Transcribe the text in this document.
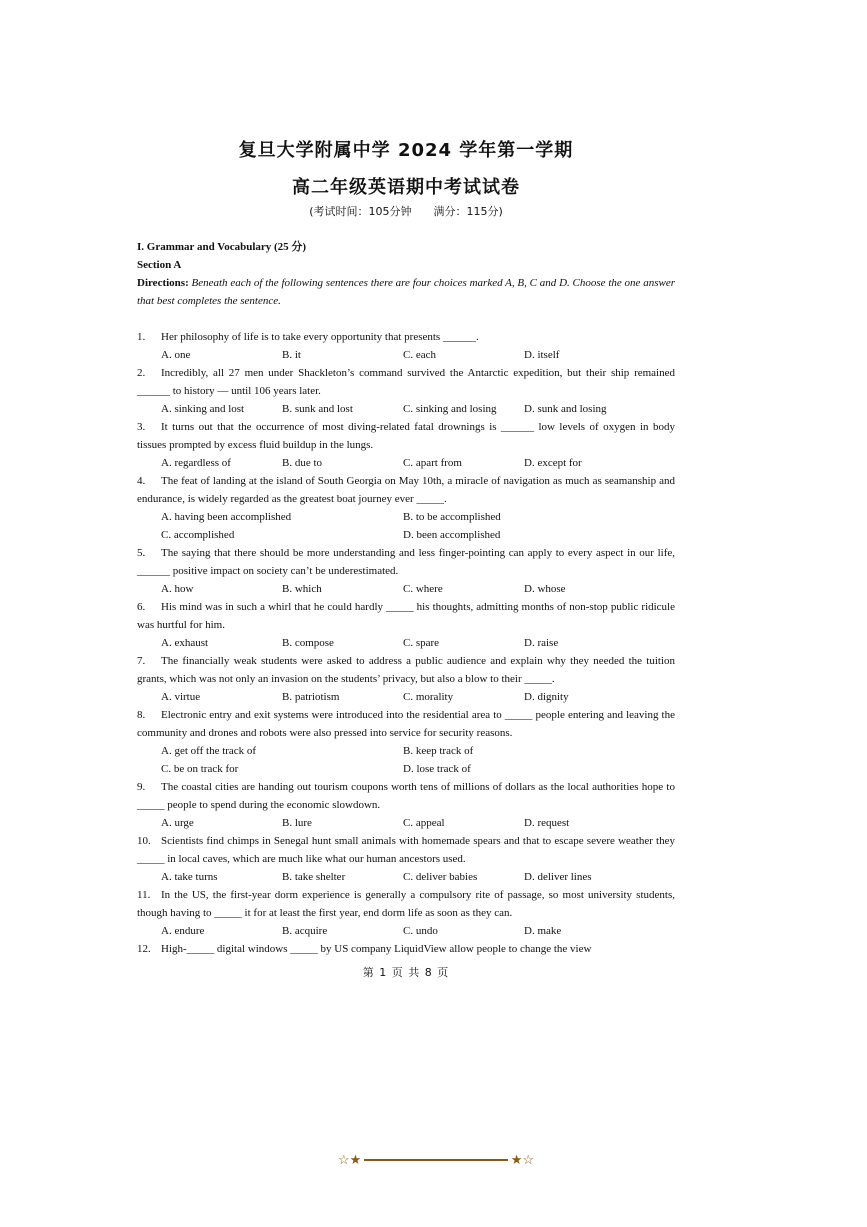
复旦大学附属中学 2024 学年第一学期
高二年级英语期中考试试卷
(考试时间：105分钟　　满分：115分)
I. Grammar and Vocabulary (25 分)
Section A
Directions: Beneath each of the following sentences there are four choices marked A, B, C and D. Choose the one answer that best completes the sentence.
1. Her philosophy of life is to take every opportunity that presents ______.
A. one	B. it	C. each	D. itself
2. Incredibly, all 27 men under Shackleton’s command survived the Antarctic expedition, but their ship remained ______ to history — until 106 years later.
A. sinking and lost	B. sunk and lost	C. sinking and losing	D. sunk and losing
3. It turns out that the occurrence of most diving-related fatal drownings is ______ low levels of oxygen in body tissues prompted by excess fluid buildup in the lungs.
A. regardless of	B. due to	C. apart from	D. except for
4. The feat of landing at the island of South Georgia on May 10th, a miracle of navigation as much as seamanship and endurance, is widely regarded as the greatest boat journey ever _____.
A. having been accomplished	B. to be accomplished
C. accomplished	D. been accomplished
5. The saying that there should be more understanding and less finger-pointing can apply to every aspect in our life, ______ positive impact on society can’t be underestimated.
A. how	B. which	C. where	D. whose
6. His mind was in such a whirl that he could hardly _____ his thoughts, admitting months of non-stop public ridicule was hurtful for him.
A. exhaust	B. compose	C. spare	D. raise
7. The financially weak students were asked to address a public audience and explain why they needed the tuition grants, which was not only an invasion on the students’ privacy, but also a blow to their _____.
A. virtue	B. patriotism	C. morality	D. dignity
8. Electronic entry and exit systems were introduced into the residential area to _____ people entering and leaving the community and drones and robots were also pressed into service for security reasons.
A. get off the track of	B. keep track of
C. be on track for	D. lose track of
9. The coastal cities are handing out tourism coupons worth tens of millions of dollars as the local authorities hope to _____ people to spend during the economic slowdown.
A. urge	B. lure	C. appeal	D. request
10. Scientists find chimps in Senegal hunt small animals with homemade spears and that to escape severe weather they _____ in local caves, which are much like what our human ancestors used.
A. take turns	B. take shelter	C. deliver babies	D. deliver lines
11. In the US, the first-year dorm experience is generally a compulsory rite of passage, so most university students, though having to _____ it for at least the first year, end dorm life as soon as they can.
A. endure	B. acquire	C. undo	D. make
12. High-_____ digital windows _____ by US company LiquidView allow people to change the view
第 1 页 共 8 页
☆★	★☆
